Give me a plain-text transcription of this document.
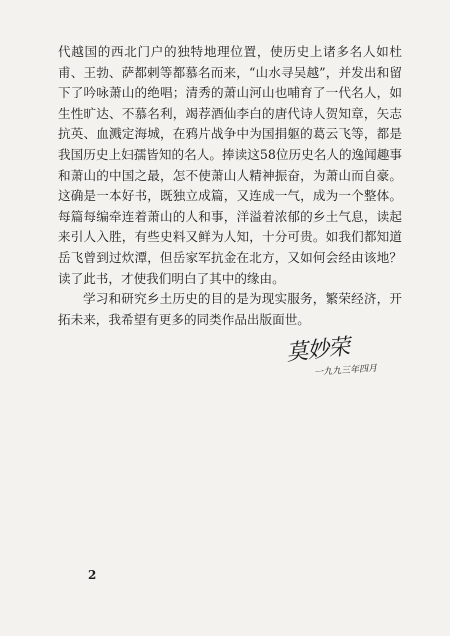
代越国的西北门户的独特地理位置，使历史上诸多名人如杜
甫、王勃、萨都剌等都慕名而来，“山水寻吴越”，并发出和留
下了吟咏萧山的绝唱；清秀的萧山河山也哺育了一代名人，如
生性旷达、不慕名利，竭荐酒仙李白的唐代诗人贺知章，矢志
抗英、血溅定海城，在鸦片战争中为国捐躯的葛云飞等，都是
我国历史上妇孺皆知的名人。捧读这58位历史名人的逸闻趣事
和萧山的中国之最，怎不使萧山人精神振奋，为萧山而自豪。
这确是一本好书，既独立成篇，又连成一气，成为一个整体。
每篇每编牵连着萧山的人和事，洋溢着浓郁的乡土气息，读起
来引人入胜，有些史料又鲜为人知，十分可贵。如我们都知道
岳飞曾到过炊潭，但岳家军抗金在北方，又如何会经由该地？
读了此书，才使我们明白了其中的缘由。
学习和研究乡土历史的目的是为现实服务，繁荣经济，开
拓未来，我希望有更多的同类作品出版面世。
莫妙荣
一九九三年四月
2
